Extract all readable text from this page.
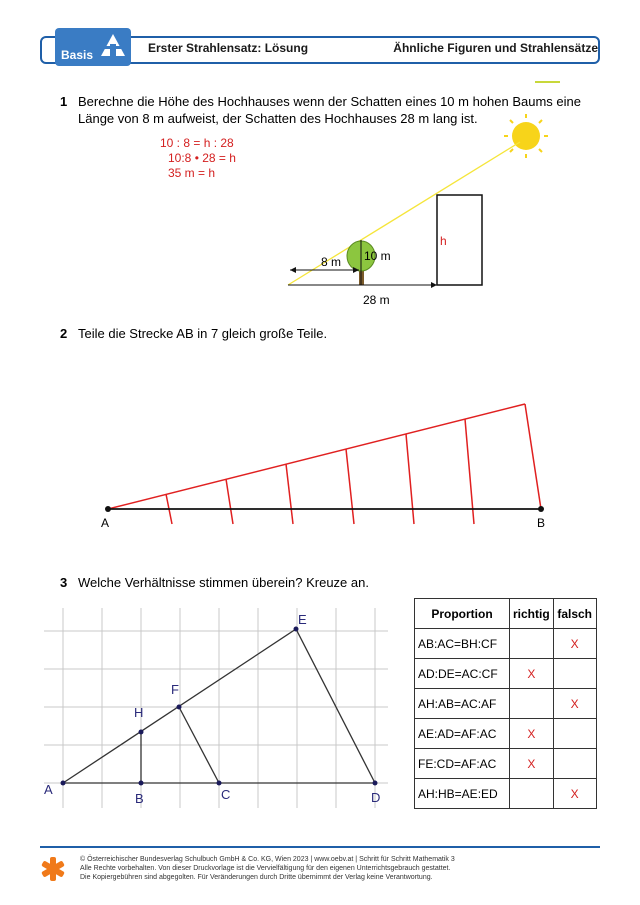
Basis	Erster Strahlensatz: Lösung	Ähnliche Figuren und Strahlensätze
1 Berechne die Höhe des Hochhauses wenn der Schatten eines 10 m hohen Baums eine
Länge von 8 m aufweist, der Schatten des Hochhauses 28 m lang ist.
10 : 8 = h : 28
10:8 • 28 = h
35 m = h
h
10 m
8 m
28 m
2 Teile die Strecke AB in 7 gleich große Teile.
A	B
3 Welche Verhältnisse stimmen überein? Kreuze an.
A
B	C	D
E
F
H
Proportion	richtig	falsch
AB:AC=BH:CF		X
AD:DE=AC:CF	X	
AH:AB=AC:AF		X
AE:AD=AF:AC	X	
FE:CD=AF:AC	X	
AH:HB=AE:ED		X
© Österreichischer Bundesverlag Schulbuch GmbH & Co. KG, Wien 2023 | www.oebv.at | Schritt für Schritt Mathematik 3
Alle Rechte vorbehalten. Von dieser Druckvorlage ist die Vervielfältigung für den eigenen Unterrichtsgebrauch gestattet.
Die Kopiergebühren sind abgegolten. Für Veränderungen durch Dritte übernimmt der Verlag keine Verantwortung.
